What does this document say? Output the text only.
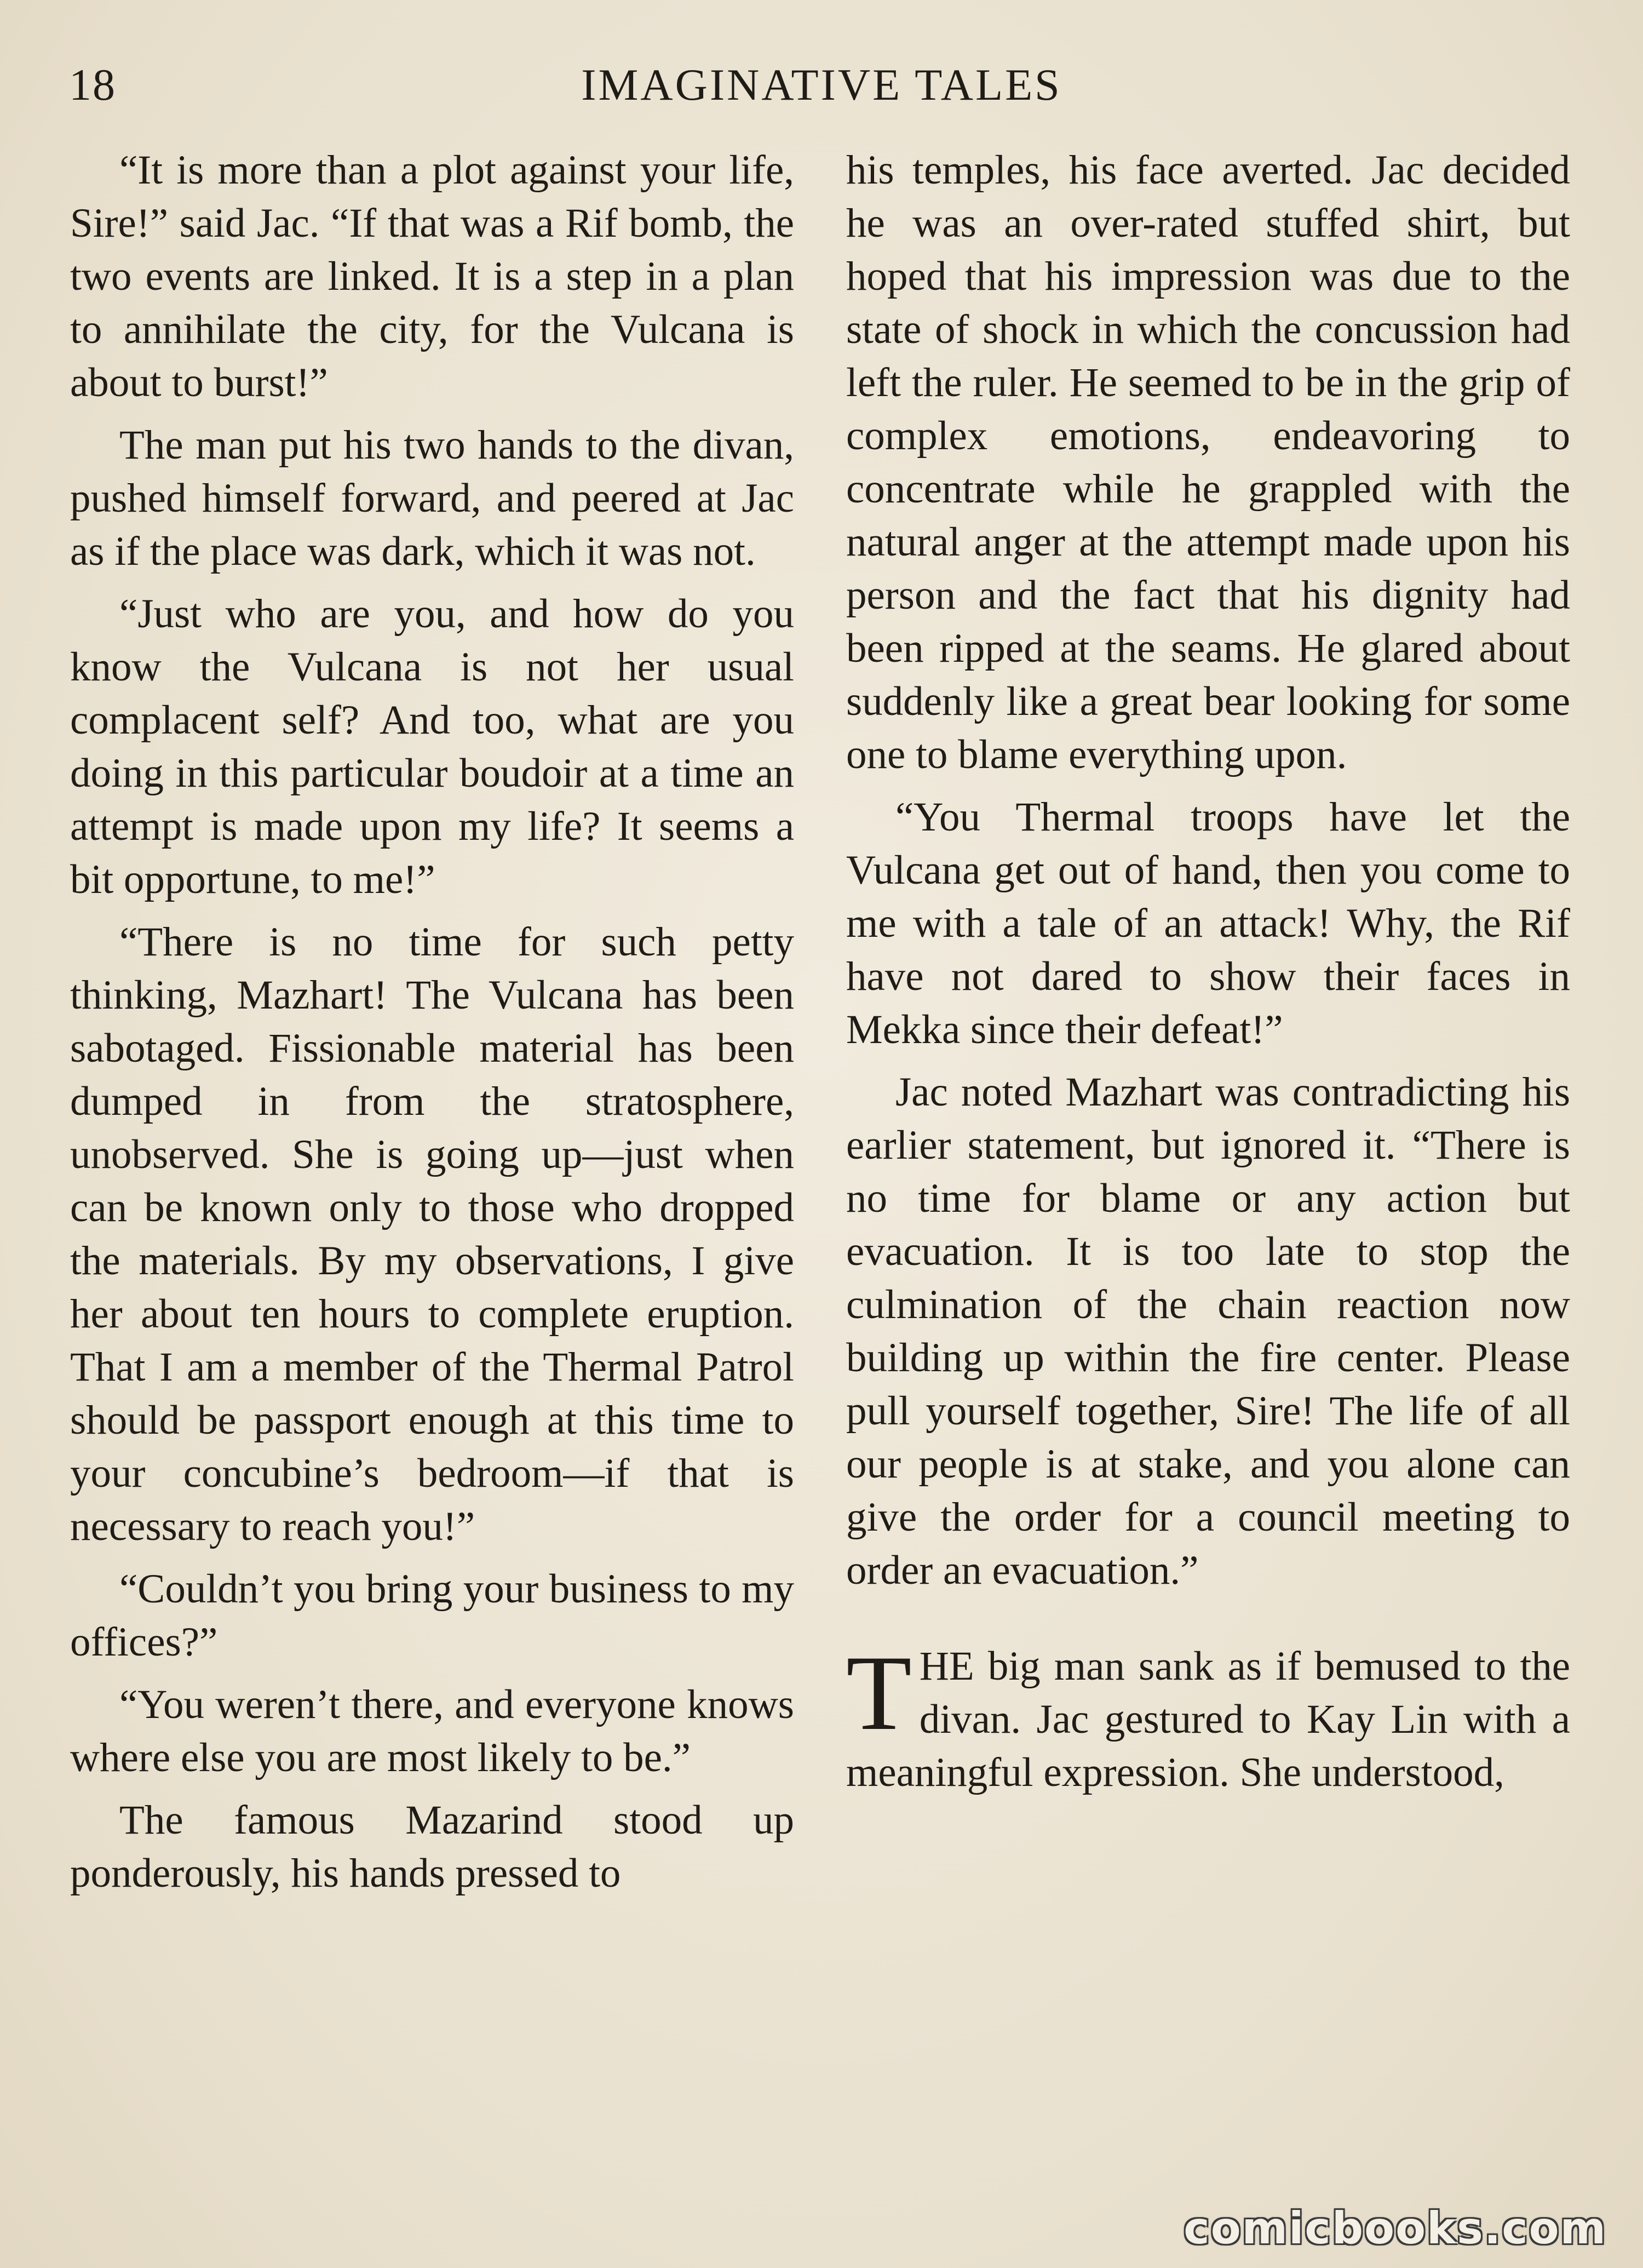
18	IMAGINATIVE TALES

“It is more than a plot against your life, Sire!” said Jac. “If that was a Rif bomb, the two events are linked. It is a step in a plan to annihilate the city, for the Vulcana is about to burst!”

The man put his two hands to the divan, pushed himself forward, and peered at Jac as if the place was dark, which it was not.

“Just who are you, and how do you know the Vulcana is not her usual complacent self? And too, what are you doing in this particular boudoir at a time an attempt is made upon my life? It seems a bit opportune, to me!”

“There is no time for such petty thinking, Mazhart! The Vulcana has been sabotaged. Fissionable material has been dumped in from the stratosphere, unobserved. She is going up—just when can be known only to those who dropped the materials. By my observations, I give her about ten hours to complete eruption. That I am a member of the Thermal Patrol should be passport enough at this time to your concubine’s bedroom—if that is necessary to reach you!”

“Couldn’t you bring your business to my offices?”

“You weren’t there, and everyone knows where else you are most likely to be.”

The famous Mazarind stood up ponderously, his hands pressed to

his temples, his face averted. Jac decided he was an over-rated stuffed shirt, but hoped that his impression was due to the state of shock in which the concussion had left the ruler. He seemed to be in the grip of complex emotions, endeavoring to concentrate while he grappled with the natural anger at the attempt made upon his person and the fact that his dignity had been ripped at the seams. He glared about suddenly like a great bear looking for some one to blame everything upon.

“You Thermal troops have let the Vulcana get out of hand, then you come to me with a tale of an attack! Why, the Rif have not dared to show their faces in Mekka since their defeat!”

Jac noted Mazhart was contradicting his earlier statement, but ignored it. “There is no time for blame or any action but evacuation. It is too late to stop the culmination of the chain reaction now building up within the fire center. Please pull yourself together, Sire! The life of all our people is at stake, and you alone can give the order for a council meeting to order an evacuation.”

THE big man sank as if bemused to the divan. Jac gestured to Kay Lin with a meaningful expression. She understood,

comicbooks.com
